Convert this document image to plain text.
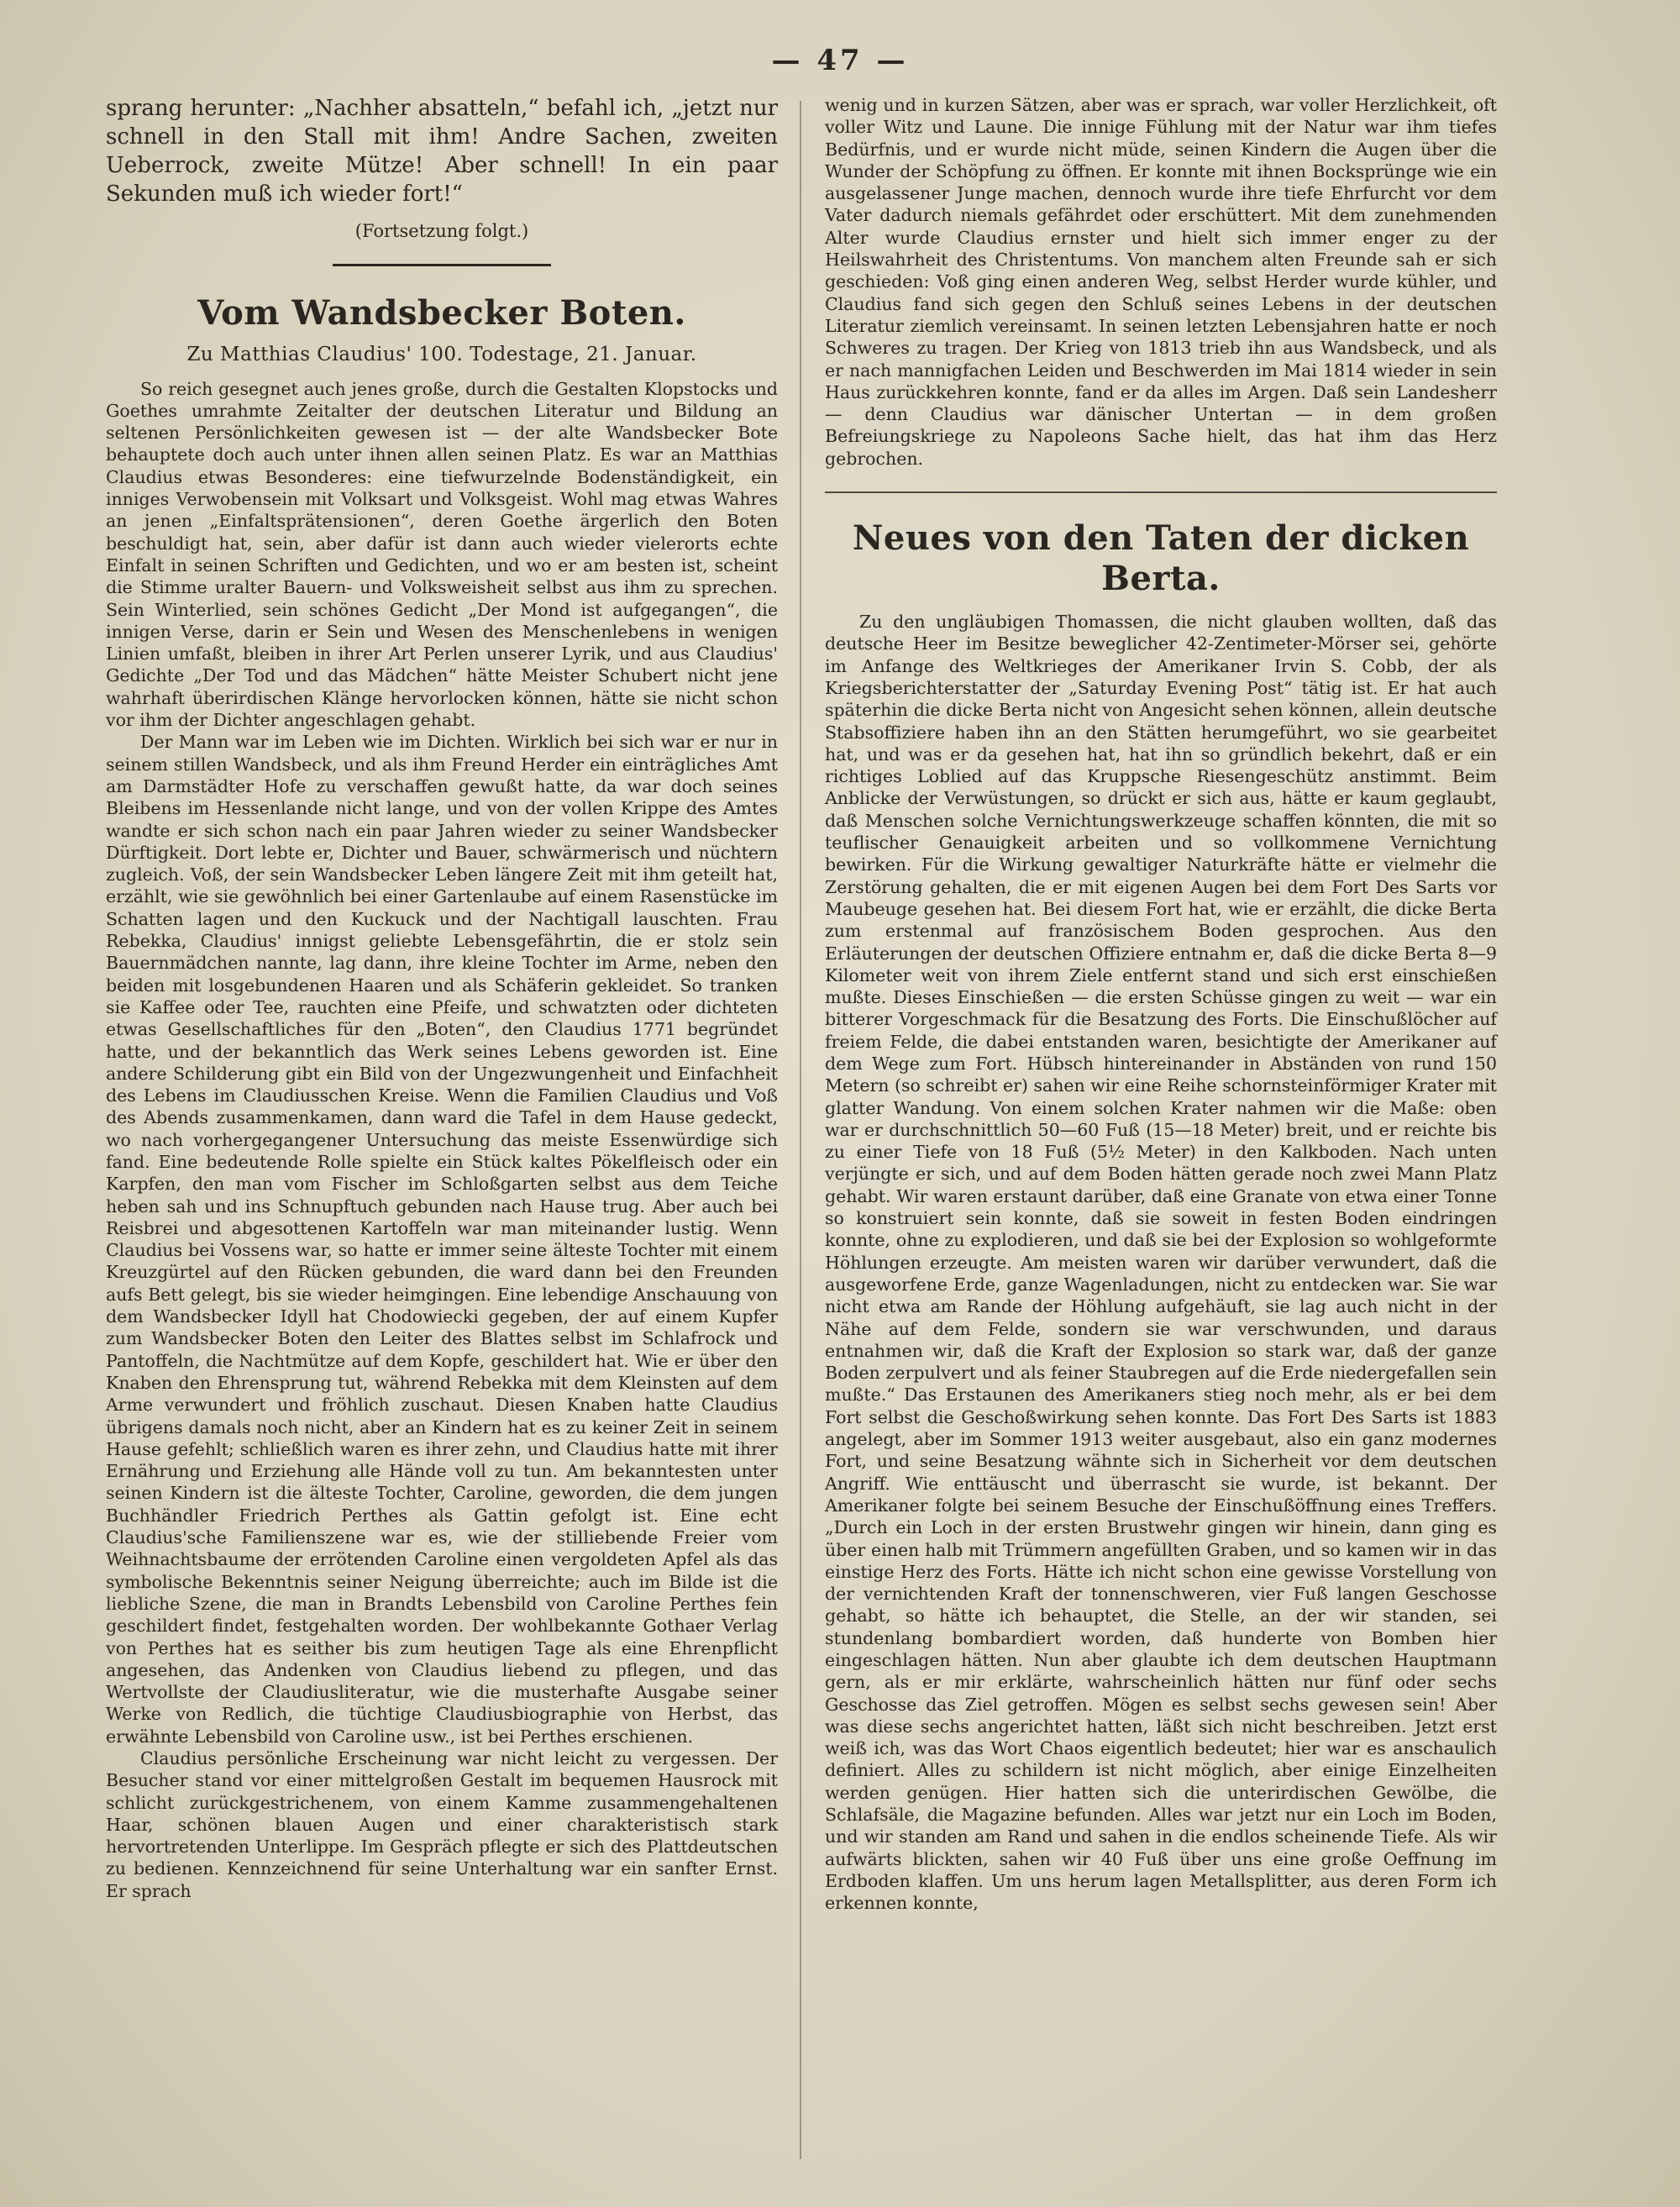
— 47 —

sprang herunter: „Nachher absatteln,“ befahl ich, „jetzt nur schnell in den Stall mit ihm! Andre Sachen, zweiten Ueberrock, zweite Mütze! Aber schnell! In ein paar Sekunden muß ich wieder fort!“

(Fortsetzung folgt.)
Vom Wandsbecker Boten.
Zu Matthias Claudius' 100. Todestage, 21. Januar.

So reich gesegnet auch jenes große, durch die Gestalten Klopstocks und Goethes umrahmte Zeitalter der deutschen Literatur und Bildung an seltenen Persönlichkeiten gewesen ist — der alte Wandsbecker Bote behauptete doch auch unter ihnen allen seinen Platz. Es war an Matthias Claudius etwas Besonderes: eine tiefwurzelnde Bodenständigkeit, ein inniges Verwobensein mit Volksart und Volksgeist. Wohl mag etwas Wahres an jenen „Einfaltsprätensionen“, deren Goethe ärgerlich den Boten beschuldigt hat, sein, aber dafür ist dann auch wieder vielerorts echte Einfalt in seinen Schriften und Gedichten, und wo er am besten ist, scheint die Stimme uralter Bauern- und Volksweisheit selbst aus ihm zu sprechen. Sein Winterlied, sein schönes Gedicht „Der Mond ist aufgegangen“, die innigen Verse, darin er Sein und Wesen des Menschenlebens in wenigen Linien umfaßt, bleiben in ihrer Art Perlen unserer Lyrik, und aus Claudius' Gedichte „Der Tod und das Mädchen“ hätte Meister Schubert nicht jene wahrhaft überirdischen Klänge hervorlocken können, hätte sie nicht schon vor ihm der Dichter angeschlagen gehabt.

Der Mann war im Leben wie im Dichten. Wirklich bei sich war er nur in seinem stillen Wandsbeck, und als ihm Freund Herder ein einträgliches Amt am Darmstädter Hofe zu verschaffen gewußt hatte, da war doch seines Bleibens im Hessenlande nicht lange, und von der vollen Krippe des Amtes wandte er sich schon nach ein paar Jahren wieder zu seiner Wandsbecker Dürftigkeit. Dort lebte er, Dichter und Bauer, schwärmerisch und nüchtern zugleich. Voß, der sein Wandsbecker Leben längere Zeit mit ihm geteilt hat, erzählt, wie sie gewöhnlich bei einer Gartenlaube auf einem Rasenstücke im Schatten lagen und den Kuckuck und der Nachtigall lauschten. Frau Rebekka, Claudius' innigst geliebte Lebensgefährtin, die er stolz sein Bauernmädchen nannte, lag dann, ihre kleine Tochter im Arme, neben den beiden mit losgebundenen Haaren und als Schäferin gekleidet. So tranken sie Kaffee oder Tee, rauchten eine Pfeife, und schwatzten oder dichteten etwas Gesellschaftliches für den „Boten“, den Claudius 1771 begründet hatte, und der bekanntlich das Werk seines Lebens geworden ist. Eine andere Schilderung gibt ein Bild von der Ungezwungenheit und Einfachheit des Lebens im Claudiusschen Kreise. Wenn die Familien Claudius und Voß des Abends zusammenkamen, dann ward die Tafel in dem Hause gedeckt, wo nach vorhergegangener Untersuchung das meiste Essenwürdige sich fand. Eine bedeutende Rolle spielte ein Stück kaltes Pökelfleisch oder ein Karpfen, den man vom Fischer im Schloßgarten selbst aus dem Teiche heben sah und ins Schnupftuch gebunden nach Hause trug. Aber auch bei Reisbrei und abgesottenen Kartoffeln war man miteinander lustig. Wenn Claudius bei Vossens war, so hatte er immer seine älteste Tochter mit einem Kreuzgürtel auf den Rücken gebunden, die ward dann bei den Freunden aufs Bett gelegt, bis sie wieder heimgingen. Eine lebendige Anschauung von dem Wandsbecker Idyll hat Chodowiecki gegeben, der auf einem Kupfer zum Wandsbecker Boten den Leiter des Blattes selbst im Schlafrock und Pantoffeln, die Nachtmütze auf dem Kopfe, geschildert hat. Wie er über den Knaben den Ehrensprung tut, während Rebekka mit dem Kleinsten auf dem Arme verwundert und fröhlich zuschaut. Diesen Knaben hatte Claudius übrigens damals noch nicht, aber an Kindern hat es zu keiner Zeit in seinem Hause gefehlt; schließlich waren es ihrer zehn, und Claudius hatte mit ihrer Ernährung und Erziehung alle Hände voll zu tun. Am bekanntesten unter seinen Kindern ist die älteste Tochter, Caroline, geworden, die dem jungen Buchhändler Friedrich Perthes als Gattin gefolgt ist. Eine echt Claudius'sche Familienszene war es, wie der stilliebende Freier vom Weihnachtsbaume der errötenden Caroline einen vergoldeten Apfel als das symbolische Bekenntnis seiner Neigung überreichte; auch im Bilde ist die liebliche Szene, die man in Brandts Lebensbild von Caroline Perthes fein geschildert findet, festgehalten worden. Der wohlbekannte Gothaer Verlag von Perthes hat es seither bis zum heutigen Tage als eine Ehrenpflicht angesehen, das Andenken von Claudius liebend zu pflegen, und das Wertvollste der Claudiusliteratur, wie die musterhafte Ausgabe seiner Werke von Redlich, die tüchtige Claudiusbiographie von Herbst, das erwähnte Lebensbild von Caroline usw., ist bei Perthes erschienen.

Claudius persönliche Erscheinung war nicht leicht zu vergessen. Der Besucher stand vor einer mittelgroßen Gestalt im bequemen Hausrock mit schlicht zurückgestrichenem, von einem Kamme zusammengehaltenen Haar, schönen blauen Augen und einer charakteristisch stark hervortretenden Unterlippe. Im Gespräch pflegte er sich des Plattdeutschen zu bedienen. Kennzeichnend für seine Unterhaltung war ein sanfter Ernst. Er sprach

wenig und in kurzen Sätzen, aber was er sprach, war voller Herzlichkeit, oft voller Witz und Laune. Die innige Fühlung mit der Natur war ihm tiefes Bedürfnis, und er wurde nicht müde, seinen Kindern die Augen über die Wunder der Schöpfung zu öffnen. Er konnte mit ihnen Bocksprünge wie ein ausgelassener Junge machen, dennoch wurde ihre tiefe Ehrfurcht vor dem Vater dadurch niemals gefährdet oder erschüttert. Mit dem zunehmenden Alter wurde Claudius ernster und hielt sich immer enger zu der Heilswahrheit des Christentums. Von manchem alten Freunde sah er sich geschieden: Voß ging einen anderen Weg, selbst Herder wurde kühler, und Claudius fand sich gegen den Schluß seines Lebens in der deutschen Literatur ziemlich vereinsamt. In seinen letzten Lebensjahren hatte er noch Schweres zu tragen. Der Krieg von 1813 trieb ihn aus Wandsbeck, und als er nach mannigfachen Leiden und Beschwerden im Mai 1814 wieder in sein Haus zurückkehren konnte, fand er da alles im Argen. Daß sein Landesherr — denn Claudius war dänischer Untertan — in dem großen Befreiungskriege zu Napoleons Sache hielt, das hat ihm das Herz gebrochen.

Neues von den Taten der dicken Berta.

Zu den ungläubigen Thomassen, die nicht glauben wollten, daß das deutsche Heer im Besitze beweglicher 42-Zentimeter-Mörser sei, gehörte im Anfange des Weltkrieges der Amerikaner Irvin S. Cobb, der als Kriegsberichterstatter der „Saturday Evening Post“ tätig ist. Er hat auch späterhin die dicke Berta nicht von Angesicht sehen können, allein deutsche Stabsoffiziere haben ihn an den Stätten herumgeführt, wo sie gearbeitet hat, und was er da gesehen hat, hat ihn so gründlich bekehrt, daß er ein richtiges Loblied auf das Kruppsche Riesengeschütz anstimmt. Beim Anblicke der Verwüstungen, so drückt er sich aus, hätte er kaum geglaubt, daß Menschen solche Vernichtungswerkzeuge schaffen könnten, die mit so teuflischer Genauigkeit arbeiten und so vollkommene Vernichtung bewirken. Für die Wirkung gewaltiger Naturkräfte hätte er vielmehr die Zerstörung gehalten, die er mit eigenen Augen bei dem Fort Des Sarts vor Maubeuge gesehen hat. Bei diesem Fort hat, wie er erzählt, die dicke Berta zum erstenmal auf französischem Boden gesprochen. Aus den Erläuterungen der deutschen Offiziere entnahm er, daß die dicke Berta 8—9 Kilometer weit von ihrem Ziele entfernt stand und sich erst einschießen mußte. Dieses Einschießen — die ersten Schüsse gingen zu weit — war ein bitterer Vorgeschmack für die Besatzung des Forts. Die Einschußlöcher auf freiem Felde, die dabei entstanden waren, besichtigte der Amerikaner auf dem Wege zum Fort. Hübsch hintereinander in Abständen von rund 150 Metern (so schreibt er) sahen wir eine Reihe schornsteinförmiger Krater mit glatter Wandung. Von einem solchen Krater nahmen wir die Maße: oben war er durchschnittlich 50—60 Fuß (15—18 Meter) breit, und er reichte bis zu einer Tiefe von 18 Fuß (5½ Meter) in den Kalkboden. Nach unten verjüngte er sich, und auf dem Boden hätten gerade noch zwei Mann Platz gehabt. Wir waren erstaunt darüber, daß eine Granate von etwa einer Tonne so konstruiert sein konnte, daß sie soweit in festen Boden eindringen konnte, ohne zu explodieren, und daß sie bei der Explosion so wohlgeformte Höhlungen erzeugte. Am meisten waren wir darüber verwundert, daß die ausgeworfene Erde, ganze Wagenladungen, nicht zu entdecken war. Sie war nicht etwa am Rande der Höhlung aufgehäuft, sie lag auch nicht in der Nähe auf dem Felde, sondern sie war verschwunden, und daraus entnahmen wir, daß die Kraft der Explosion so stark war, daß der ganze Boden zerpulvert und als feiner Staubregen auf die Erde niedergefallen sein mußte.“ Das Erstaunen des Amerikaners stieg noch mehr, als er bei dem Fort selbst die Geschoßwirkung sehen konnte. Das Fort Des Sarts ist 1883 angelegt, aber im Sommer 1913 weiter ausgebaut, also ein ganz modernes Fort, und seine Besatzung wähnte sich in Sicherheit vor dem deutschen Angriff. Wie enttäuscht und überrascht sie wurde, ist bekannt. Der Amerikaner folgte bei seinem Besuche der Einschußöffnung eines Treffers. „Durch ein Loch in der ersten Brustwehr gingen wir hinein, dann ging es über einen halb mit Trümmern angefüllten Graben, und so kamen wir in das einstige Herz des Forts. Hätte ich nicht schon eine gewisse Vorstellung von der vernichtenden Kraft der tonnenschweren, vier Fuß langen Geschosse gehabt, so hätte ich behauptet, die Stelle, an der wir standen, sei stundenlang bombardiert worden, daß hunderte von Bomben hier eingeschlagen hätten. Nun aber glaubte ich dem deutschen Hauptmann gern, als er mir erklärte, wahrscheinlich hätten nur fünf oder sechs Geschosse das Ziel getroffen. Mögen es selbst sechs gewesen sein! Aber was diese sechs angerichtet hatten, läßt sich nicht beschreiben. Jetzt erst weiß ich, was das Wort Chaos eigentlich bedeutet; hier war es anschaulich definiert. Alles zu schildern ist nicht möglich, aber einige Einzelheiten werden genügen. Hier hatten sich die unterirdischen Gewölbe, die Schlafsäle, die Magazine befunden. Alles war jetzt nur ein Loch im Boden, und wir standen am Rand und sahen in die endlos scheinende Tiefe. Als wir aufwärts blickten, sahen wir 40 Fuß über uns eine große Oeffnung im Erdboden klaffen. Um uns herum lagen Metallsplitter, aus deren Form ich erkennen konnte,
